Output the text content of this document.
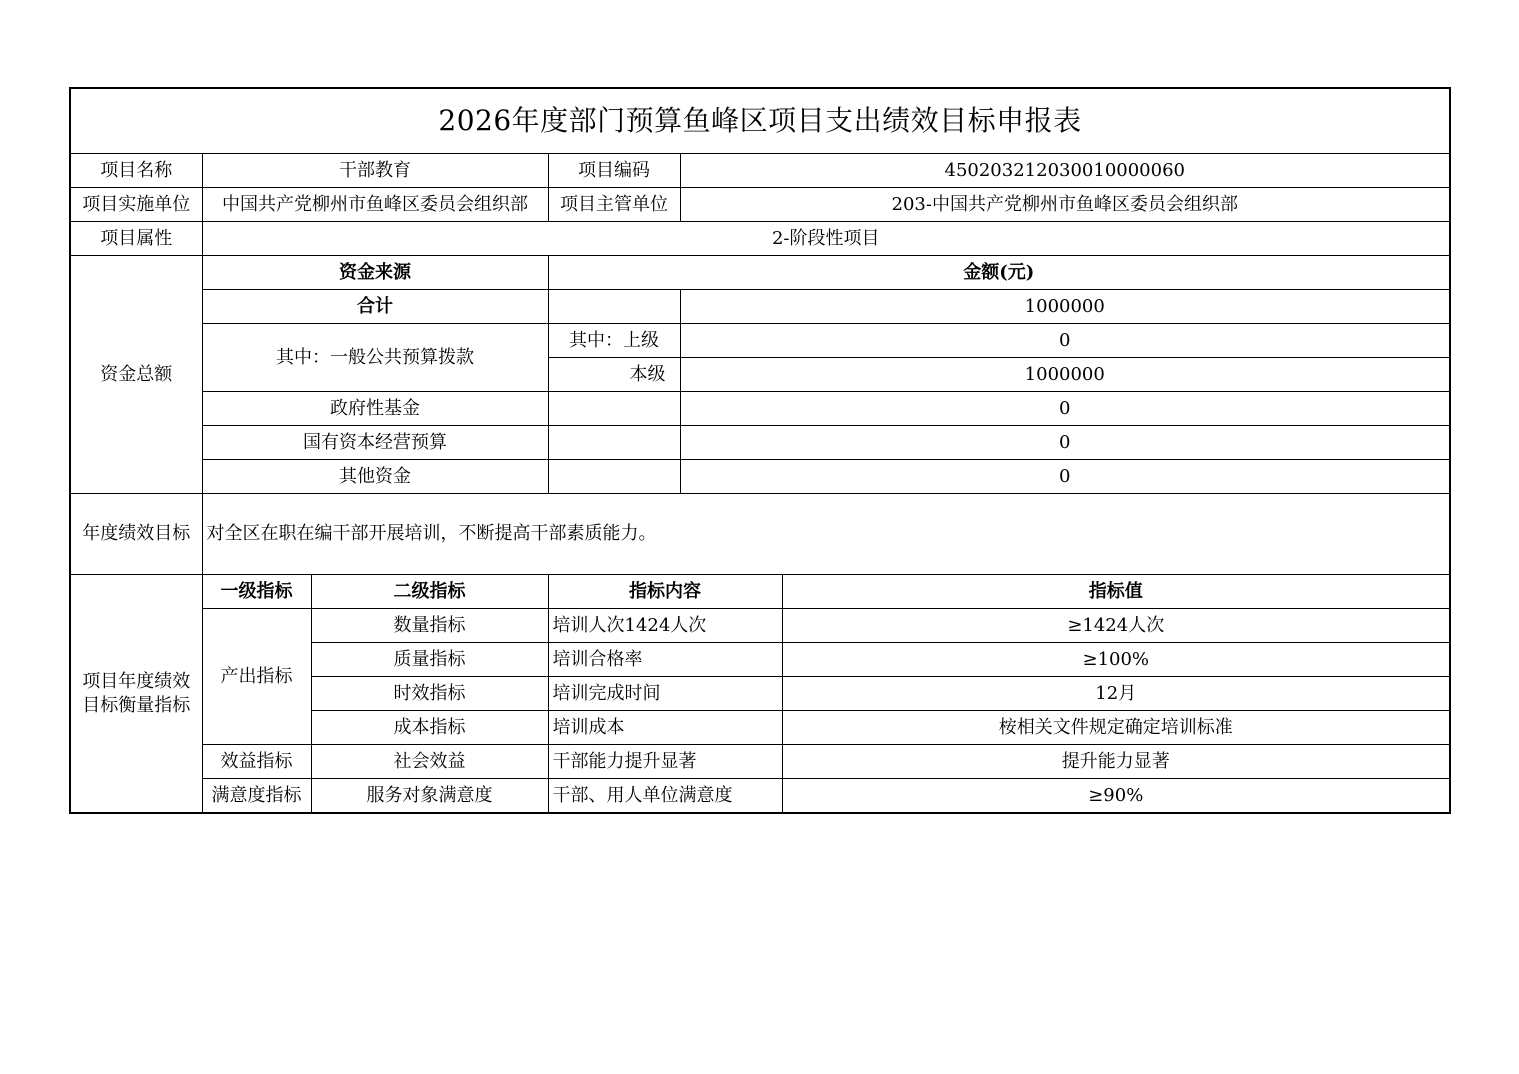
2026年度部门预算鱼峰区项目支出绩效目标申报表					
项目名称	干部教育		项目编码	450203212030010000060	
项目实施单位	中国共产党柳州市鱼峰区委员会组织部		项目主管单位	203-中国共产党柳州市鱼峰区委员会组织部	
项目属性	2-阶段性项目				
资金总额	资金来源		金额(元)		
	合计			1000000	
	其中：一般公共预算拨款		其中：上级	0	
			本级	1000000	
	政府性基金			0	
	国有资本经营预算			0	
	其他资金			0	
年度绩效目标	对全区在职在编干部开展培训，不断提高干部素质能力。				
项目年度绩效目标衡量指标	一级指标	二级指标	指标内容		指标值
	产出指标	数量指标	培训人次1424人次		≥1424人次
		质量指标	培训合格率		≥100%
		时效指标	培训完成时间		12月
		成本指标	培训成本		桉相关文件规定确定培训标准
	效益指标	社会效益	干部能力提升显著		提升能力显著
	满意度指标	服务对象满意度	干部、用人单位满意度		≥90%
